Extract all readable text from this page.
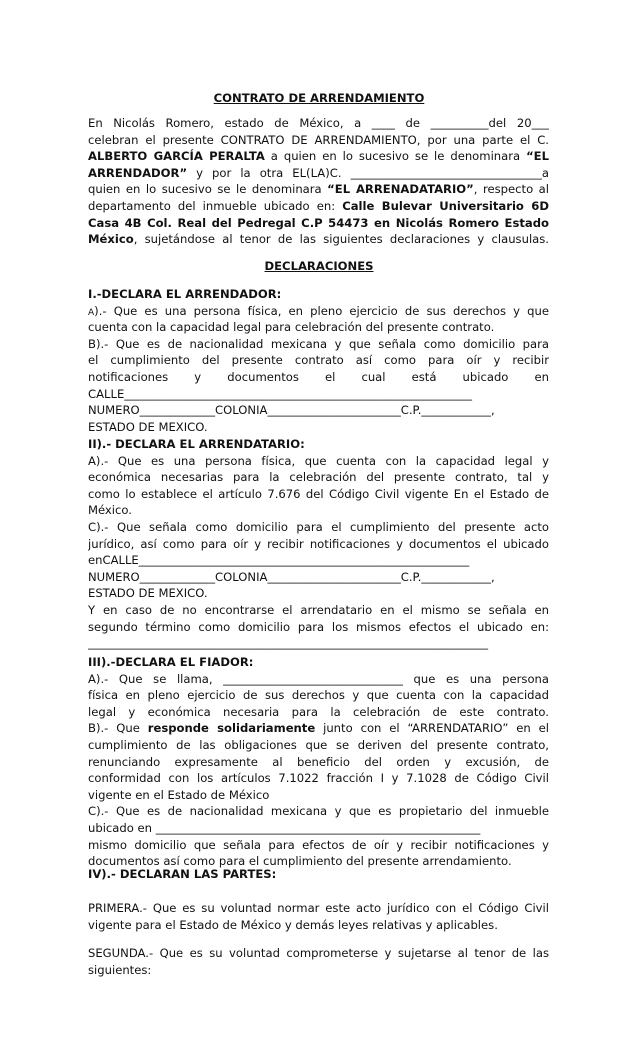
CONTRATO DE ARRENDAMIENTO
En Nicolás Romero, estado de México, a ____ de __________del 20___
celebran el presente CONTRATO DE ARRENDAMIENTO, por una parte el C.
ALBERTO GARCÍA PERALTA a quien en lo sucesivo se le denominara “EL
ARRENDADOR” y por la otra EL(LA)C. _________________________________a
quien en lo sucesivo se le denominara “EL ARRENADATARIO”, respecto al
departamento del inmueble ubicado en: Calle Bulevar Universitario 6D
Casa 4B Col. Real del Pedregal C.P 54473 en Nicolás Romero Estado
México, sujetándose al tenor de las siguientes declaraciones y clausulas.
DECLARACIONES
I.-DECLARA EL ARRENDADOR:
A).- Que es una persona física, en pleno ejercicio de sus derechos y que
cuenta con la capacidad legal para celebración del presente contrato.
B).- Que es de nacionalidad mexicana y que señala como domicilio para
el cumplimiento del presente contrato así como para oír y recibir
notificaciones y documentos el cual está ubicado en
CALLE____________________________________________________________
NUMERO_____________COLONIA_______________________C.P.____________,
ESTADO DE MEXICO.
II).- DECLARA EL ARRENDATARIO:
A).- Que es una persona física, que cuenta con la capacidad legal y
económica necesarias para la celebración del presente contrato, tal y
como lo establece el artículo 7.676 del Código Civil vigente En el Estado de
México.
C).- Que señala como domicilio para el cumplimiento del presente acto
jurídico, así como para oír y recibir notificaciones y documentos el ubicado
enCALLE_________________________________________________________
NUMERO_____________COLONIA_______________________C.P.____________,
ESTADO DE MEXICO.
Y en caso de no encontrarse el arrendatario en el mismo se señala en
segundo término como domicilio para los mismos efectos el ubicado en:
_____________________________________________________________________
III).-DECLARA EL FIADOR:
A).- Que se llama, _______________________________ que es una persona
física en pleno ejercicio de sus derechos y que cuenta con la capacidad
legal y económica necesaria para la celebración de este contrato.
B).- Que responde solidariamente junto con el “ARRENDATARIO” en el
cumplimiento de las obligaciones que se deriven del presente contrato,
renunciando expresamente al beneficio del orden y excusión, de
conformidad con los artículos 7.1022 fracción I y 7.1028 de Código Civil
vigente en el Estado de México
C).- Que es de nacionalidad mexicana y que es propietario del inmueble
ubicado en ________________________________________________________
mismo domicilio que señala para efectos de oír y recibir notificaciones y
documentos así como para el cumplimiento del presente arrendamiento.
IV).- DECLARAN LAS PARTES:
PRIMERA.- Que es su voluntad normar este acto jurídico con el Código Civil
vigente para el Estado de México y demás leyes relativas y aplicables.
SEGUNDA.- Que es su voluntad comprometerse y sujetarse al tenor de las
siguientes:
